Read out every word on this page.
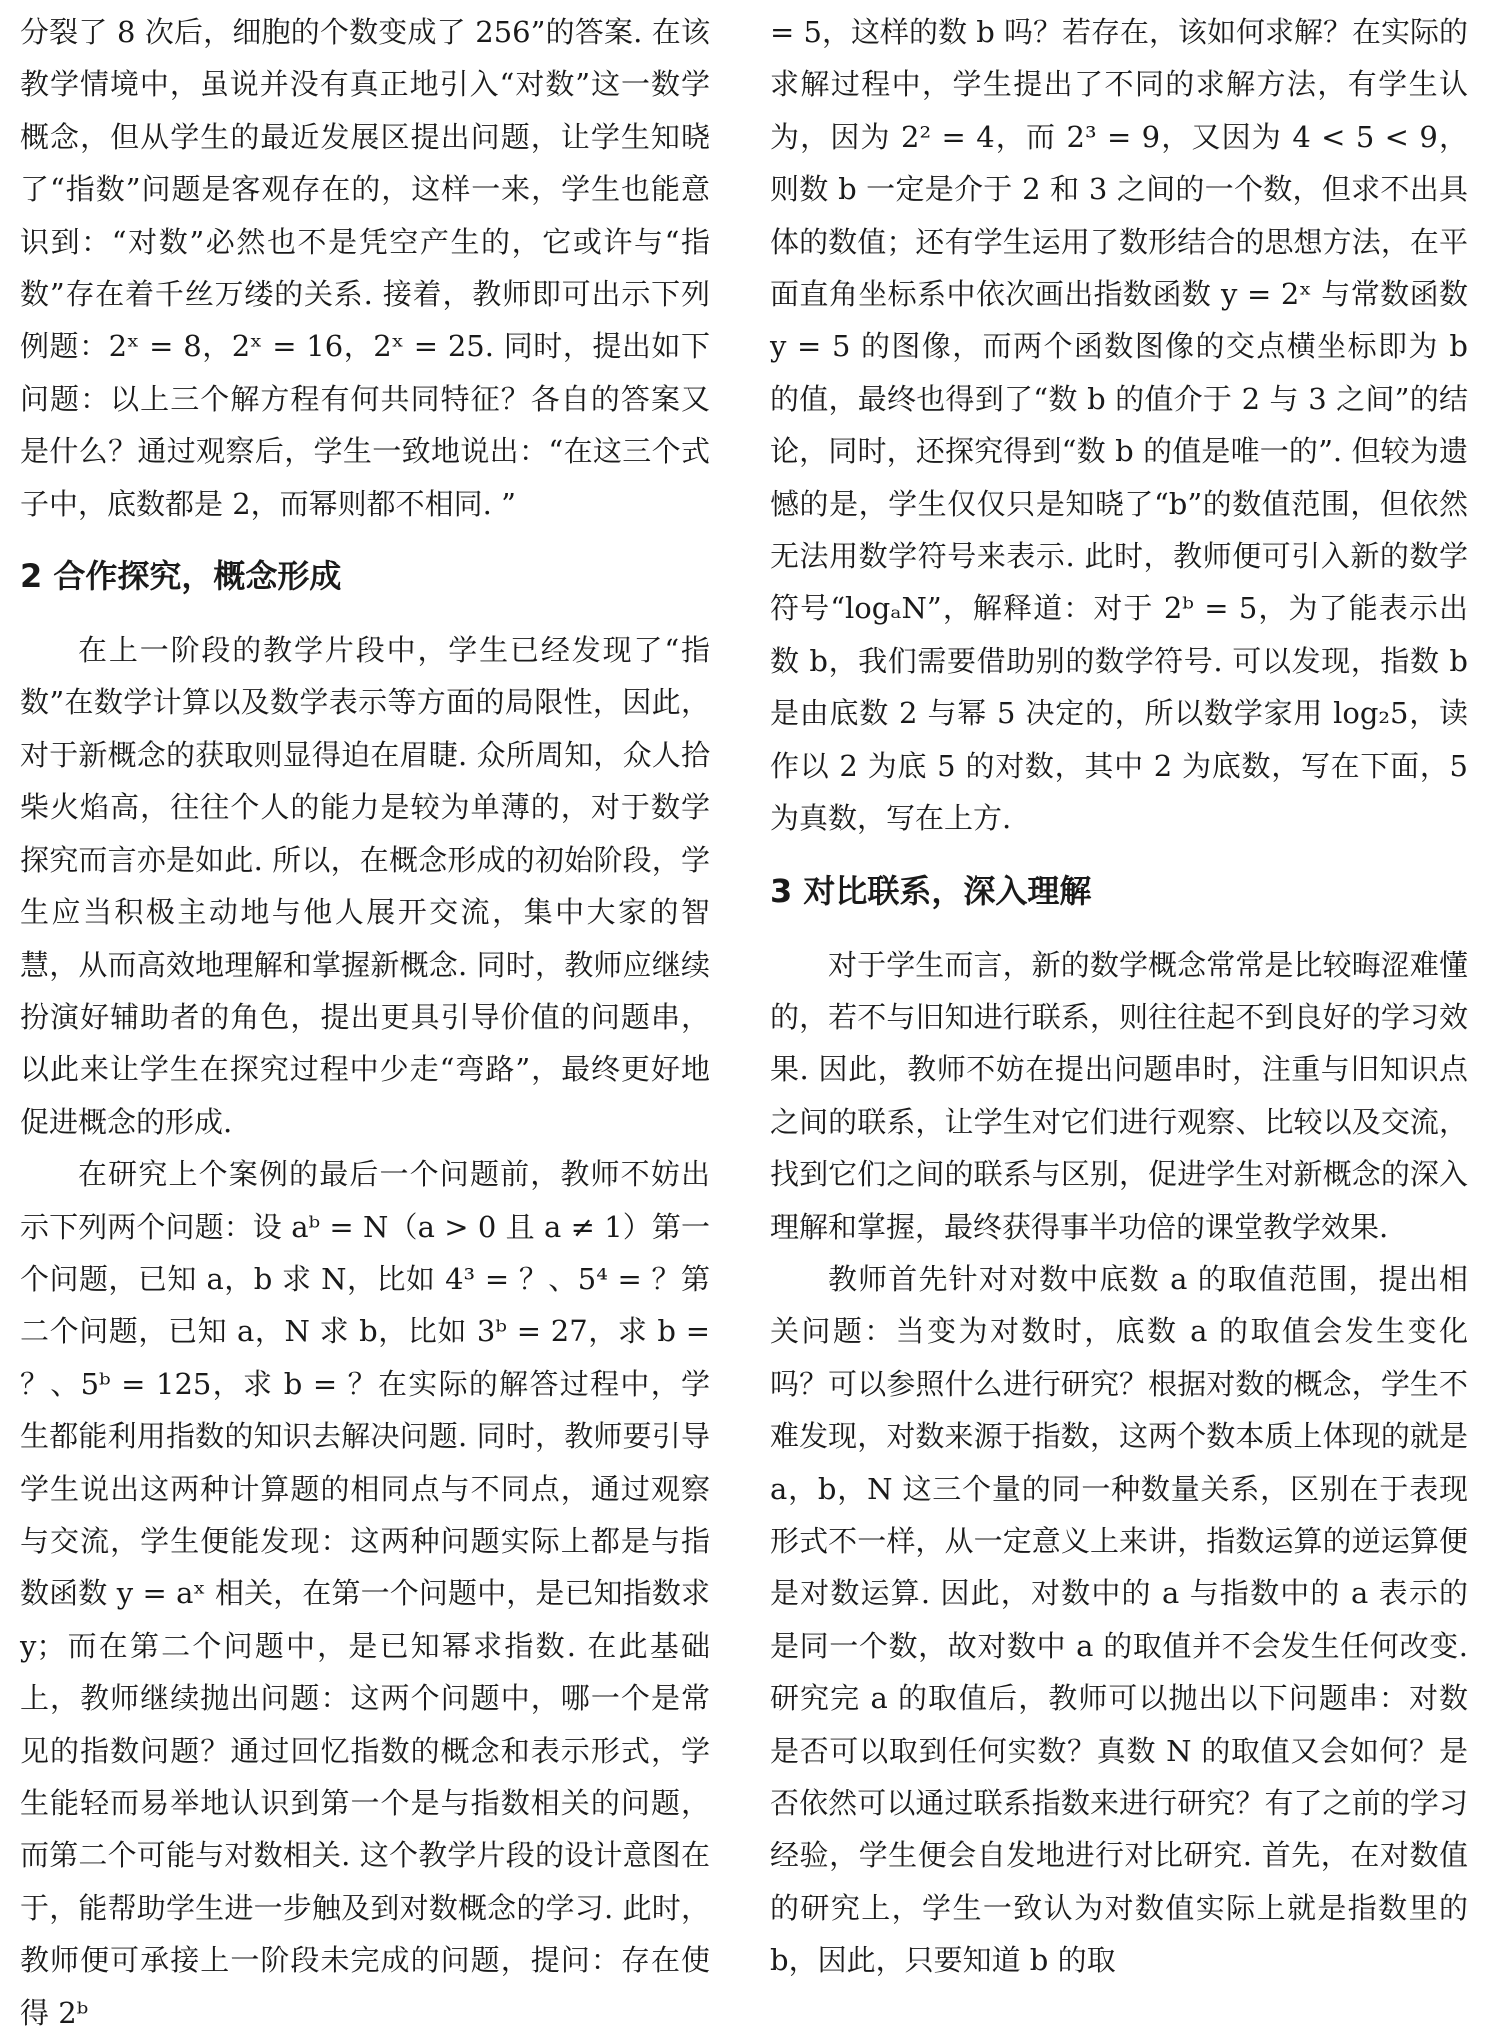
分裂了 8 次后，细胞的个数变成了 256”的答案. 在该教学情境中，虽说并没有真正地引入“对数”这一数学概念，但从学生的最近发展区提出问题，让学生知晓了“指数”问题是客观存在的，这样一来，学生也能意识到：“对数”必然也不是凭空产生的，它或许与“指数”存在着千丝万缕的关系. 接着，教师即可出示下列例题：2ˣ = 8，2ˣ = 16，2ˣ = 25. 同时，提出如下问题：以上三个解方程有何共同特征？各自的答案又是什么？通过观察后，学生一致地说出：“在这三个式子中，底数都是 2，而幂则都不相同. ”

2 合作探究，概念形成

在上一阶段的教学片段中，学生已经发现了“指数”在数学计算以及数学表示等方面的局限性，因此，对于新概念的获取则显得迫在眉睫. 众所周知，众人拾柴火焰高，往往个人的能力是较为单薄的，对于数学探究而言亦是如此. 所以，在概念形成的初始阶段，学生应当积极主动地与他人展开交流，集中大家的智慧，从而高效地理解和掌握新概念. 同时，教师应继续扮演好辅助者的角色，提出更具引导价值的问题串，以此来让学生在探究过程中少走“弯路”，最终更好地促进概念的形成.

在研究上个案例的最后一个问题前，教师不妨出示下列两个问题：设 aᵇ = N（a > 0 且 a ≠ 1）第一个问题，已知 a，b 求 N，比如 4³ = ？、5⁴ = ？第二个问题，已知 a，N 求 b，比如 3ᵇ = 27，求 b = ？、5ᵇ = 125，求 b = ？在实际的解答过程中，学生都能利用指数的知识去解决问题. 同时，教师要引导学生说出这两种计算题的相同点与不同点，通过观察与交流，学生便能发现：这两种问题实际上都是与指数函数 y = aˣ 相关，在第一个问题中，是已知指数求 y；而在第二个问题中，是已知幂求指数. 在此基础上，教师继续抛出问题：这两个问题中，哪一个是常见的指数问题？通过回忆指数的概念和表示形式，学生能轻而易举地认识到第一个是与指数相关的问题，而第二个可能与对数相关. 这个教学片段的设计意图在于，能帮助学生进一步触及到对数概念的学习. 此时，教师便可承接上一阶段未完成的问题，提问：存在使得 2ᵇ

= 5，这样的数 b 吗？若存在，该如何求解？在实际的求解过程中，学生提出了不同的求解方法，有学生认为，因为 2² = 4，而 2³ = 9，又因为 4 < 5 < 9，则数 b 一定是介于 2 和 3 之间的一个数，但求不出具体的数值；还有学生运用了数形结合的思想方法，在平面直角坐标系中依次画出指数函数 y = 2ˣ 与常数函数 y = 5 的图像，而两个函数图像的交点横坐标即为 b 的值，最终也得到了“数 b 的值介于 2 与 3 之间”的结论，同时，还探究得到“数 b 的值是唯一的”. 但较为遗憾的是，学生仅仅只是知晓了“b”的数值范围，但依然无法用数学符号来表示. 此时，教师便可引入新的数学符号“logₐN”，解释道：对于 2ᵇ = 5，为了能表示出数 b，我们需要借助别的数学符号. 可以发现，指数 b 是由底数 2 与幂 5 决定的，所以数学家用 log₂5，读作以 2 为底 5 的对数，其中 2 为底数，写在下面，5 为真数，写在上方.

3 对比联系，深入理解

对于学生而言，新的数学概念常常是比较晦涩难懂的，若不与旧知进行联系，则往往起不到良好的学习效果. 因此，教师不妨在提出问题串时，注重与旧知识点之间的联系，让学生对它们进行观察、比较以及交流，找到它们之间的联系与区别，促进学生对新概念的深入理解和掌握，最终获得事半功倍的课堂教学效果.

教师首先针对对数中底数 a 的取值范围，提出相关问题：当变为对数时，底数 a 的取值会发生变化吗？可以参照什么进行研究？根据对数的概念，学生不难发现，对数来源于指数，这两个数本质上体现的就是 a，b，N 这三个量的同一种数量关系，区别在于表现形式不一样，从一定意义上来讲，指数运算的逆运算便是对数运算. 因此，对数中的 a 与指数中的 a 表示的是同一个数，故对数中 a 的取值并不会发生任何改变. 研究完 a 的取值后，教师可以抛出以下问题串：对数是否可以取到任何实数？真数 N 的取值又会如何？是否依然可以通过联系指数来进行研究？有了之前的学习经验，学生便会自发地进行对比研究. 首先，在对数值的研究上，学生一致认为对数值实际上就是指数里的 b，因此，只要知道 b 的取
